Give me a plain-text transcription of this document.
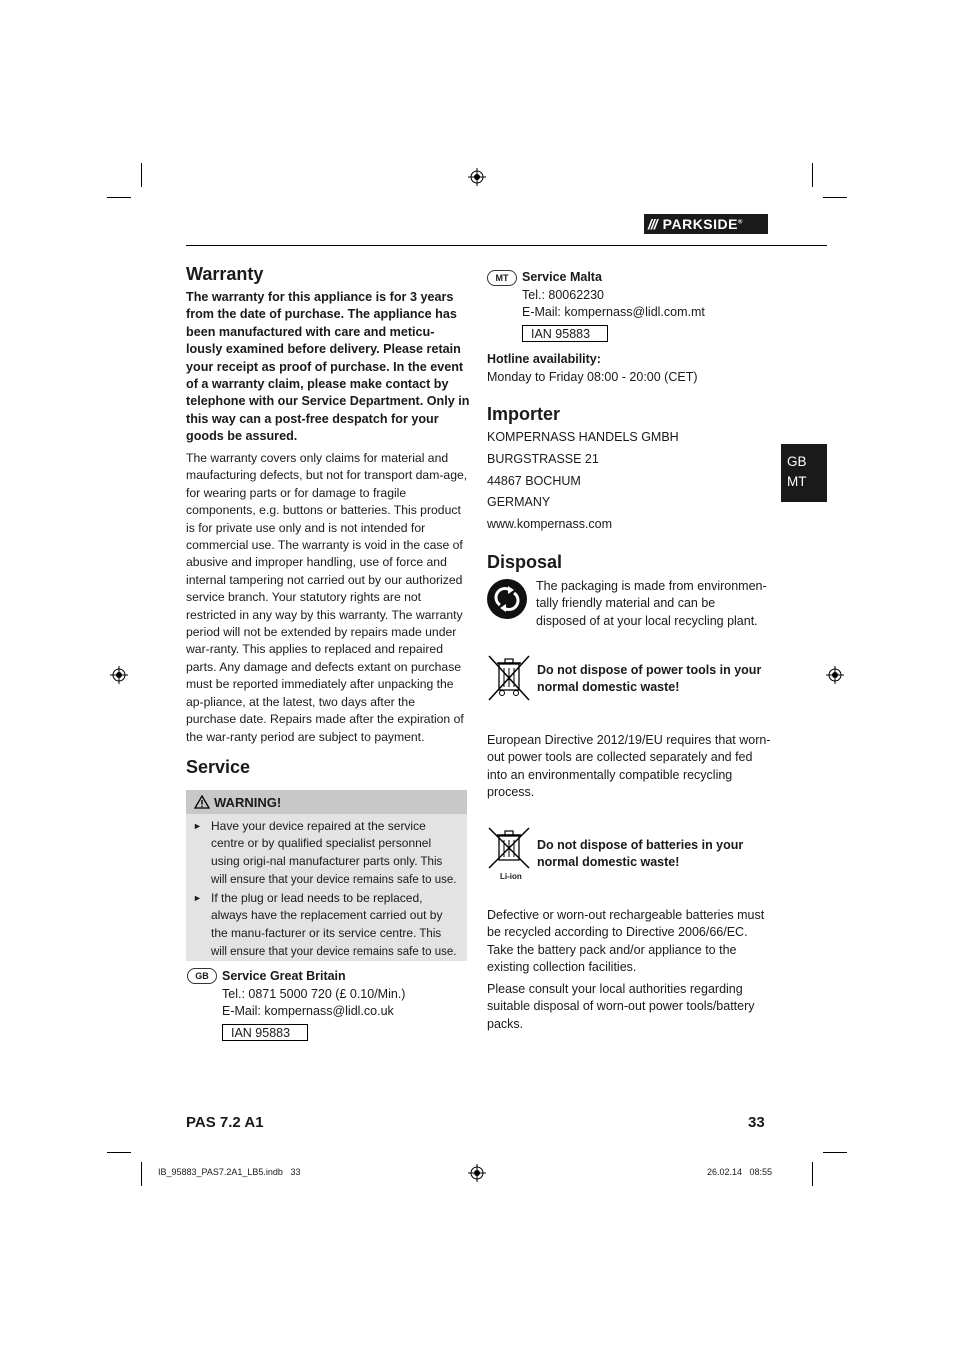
/// PARKSIDE®
GB
MT
Warranty

The warranty for this appliance is for 3 years from the date of purchase. The appliance has been manufactured with care and meticu-lously examined before delivery. Please retain your receipt as proof of purchase. In the event of a warranty claim, please make contact by telephone with our Service Department. Only in this way can a post-free despatch for your goods be assured.

The warranty covers only claims for material and maufacturing defects, but not for transport dam-age, for wearing parts or for damage to fragile components, e.g. buttons or batteries. This product is for private use only and is not intended for commercial use. The warranty is void in the case of abusive and improper handling, use of force and internal tampering not carried out by our authorized service branch. Your statutory rights are not restricted in any way by this warranty. The warranty period will not be extended by repairs made under war-ranty. This applies to replaced and repaired parts. Any damage and defects extant on purchase must be reported immediately after unpacking the ap-pliance, at the latest, two days after the purchase date. Repairs made after the expiration of the war-ranty period are subject to payment.

Service
WARNING!
► Have your device repaired at the service centre or by qualified specialist personnel using origi-nal manufacturer parts only. This will ensure that your device remains safe to use.
► If the plug or lead needs to be replaced, always have the replacement carried out by the manu-facturer or its service centre. This will ensure that your device remains safe to use.
GB	Service Great Britain
Tel.: 0871 5000 720 (£ 0.10/Min.)
E-Mail: kompernass@lidl.co.uk
IAN 95883
MT	Service Malta
Tel.: 80062230
E-Mail: kompernass@lidl.com.mt
IAN 95883
Hotline availability:
Monday to Friday 08:00 - 20:00 (CET)
Importer
KOMPERNASS HANDELS GMBH
BURGSTRASSE 21
44867 BOCHUM
GERMANY
www.kompernass.com
Disposal

The packaging is made from environmen-tally friendly material and can be disposed of at your local recycling plant.

Do not dispose of power tools in your normal domestic waste!

European Directive 2012/19/EU requires that worn-out power tools are collected separately and fed into an environmentally compatible recycling process.

Li-ion

Do not dispose of batteries in your normal domestic waste!

Defective or worn-out rechargeable batteries must be recycled according to Directive 2006/66/EC. Take the battery pack and/or appliance to the existing collection facilities.

Please consult your local authorities regarding suitable disposal of worn-out power tools/battery packs.

PAS 7.2 A1	33
IB_95883_PAS7.2A1_LB5.indb   33	26.02.14   08:55
